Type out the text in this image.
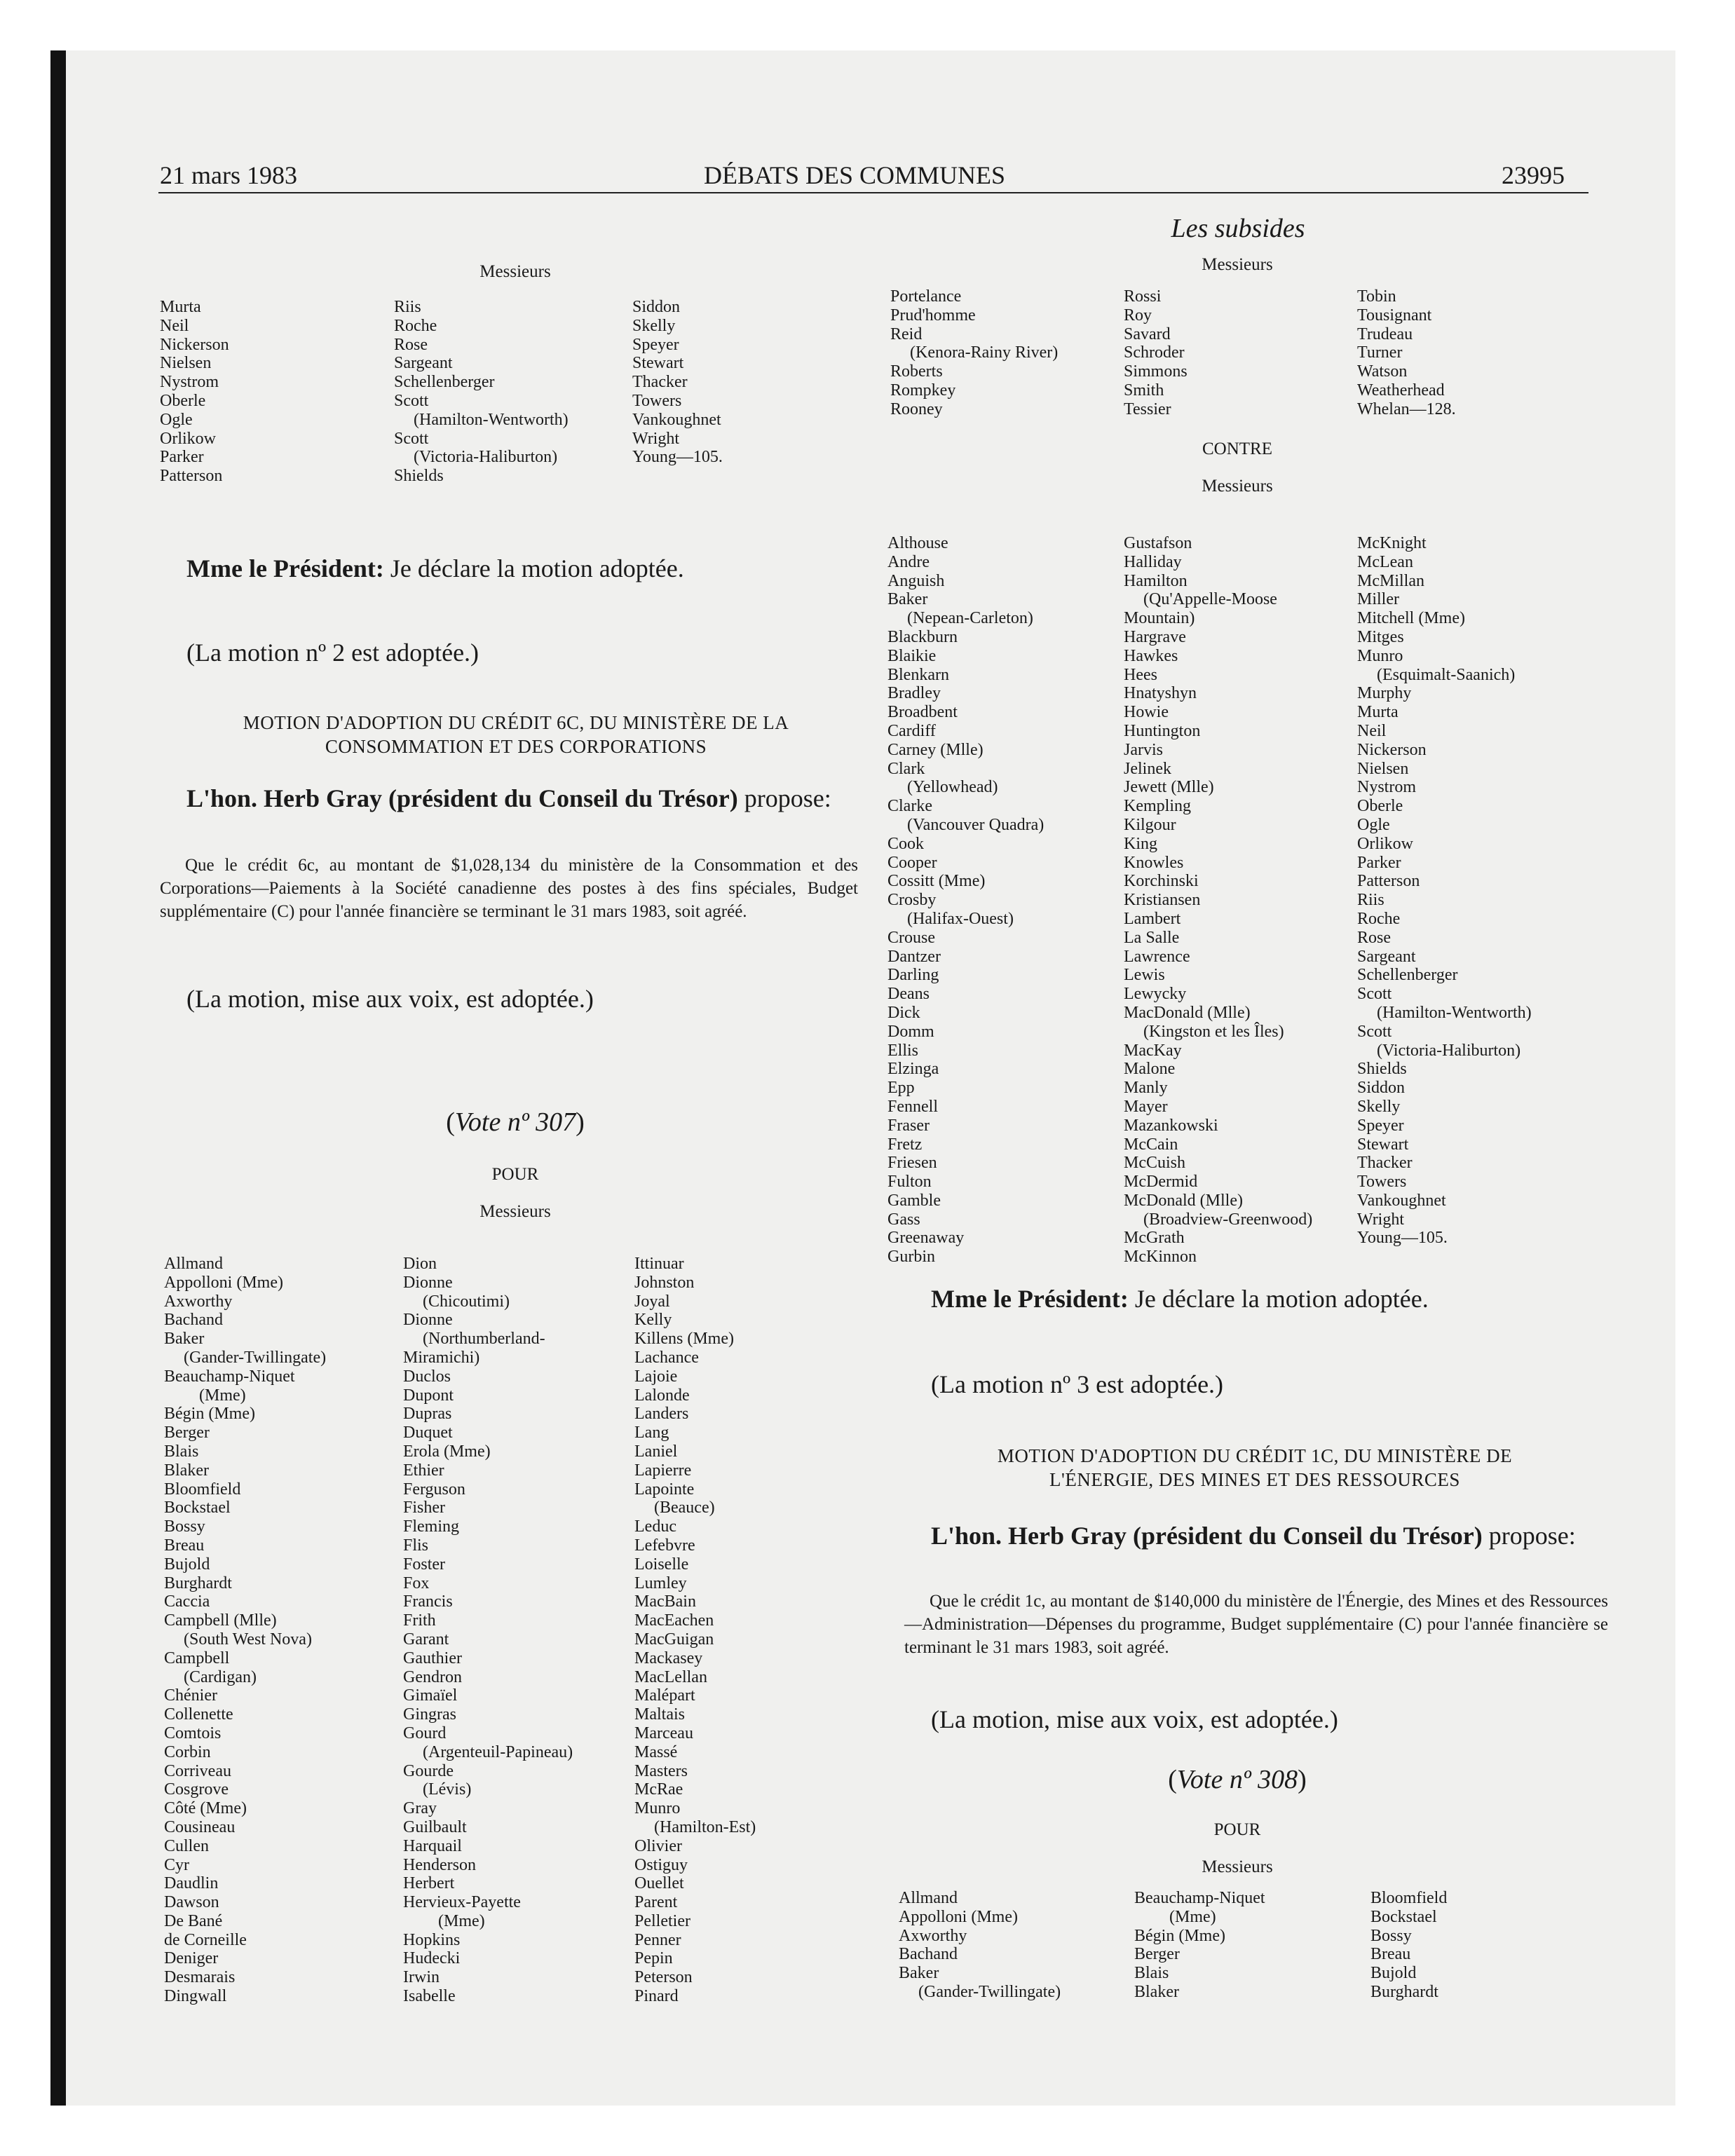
21 mars 1983	DÉBATS DES COMMUNES	23995
Messieurs
Murta
Neil
Nickerson
Nielsen
Nystrom
Oberle
Ogle
Orlikow
Parker
Patterson
Riis
Roche
Rose
Sargeant
Schellenberger
Scott
(Hamilton-Wentworth)
Scott
(Victoria-Haliburton)
Shields
Siddon
Skelly
Speyer
Stewart
Thacker
Towers
Vankoughnet
Wright
Young—105.
Mme le Président: Je déclare la motion adoptée.
(La motion nº 2 est adoptée.)
MOTION D'ADOPTION DU CRÉDIT 6C, DU MINISTÈRE DE LA
CONSOMMATION ET DES CORPORATIONS
L'hon. Herb Gray (président du Conseil du Trésor) propose:
Que le crédit 6c, au montant de $1,028,134 du ministère de la Consommation et des Corporations—Paiements à la Société canadienne des postes à des fins spéciales, Budget supplémentaire (C) pour l'année financière se terminant le 31 mars 1983, soit agréé.
(La motion, mise aux voix, est adoptée.)
(Vote nº 307)
POUR
Messieurs
Allmand
Appolloni (Mme)
Axworthy
Bachand
Baker
(Gander-Twillingate)
Beauchamp-Niquet
(Mme)
Bégin (Mme)
Berger
Blais
Blaker
Bloomfield
Bockstael
Bossy
Breau
Bujold
Burghardt
Caccia
Campbell (Mlle)
(South West Nova)
Campbell
(Cardigan)
Chénier
Collenette
Comtois
Corbin
Corriveau
Cosgrove
Côté (Mme)
Cousineau
Cullen
Cyr
Daudlin
Dawson
De Bané
de Corneille
Deniger
Desmarais
Dingwall
Dion
Dionne
(Chicoutimi)
Dionne
(Northumberland-
Miramichi)
Duclos
Dupont
Dupras
Duquet
Erola (Mme)
Ethier
Ferguson
Fisher
Fleming
Flis
Foster
Fox
Francis
Frith
Garant
Gauthier
Gendron
Gimaïel
Gingras
Gourd
(Argenteuil-Papineau)
Gourde
(Lévis)
Gray
Guilbault
Harquail
Henderson
Herbert
Hervieux-Payette
(Mme)
Hopkins
Hudecki
Irwin
Isabelle
Ittinuar
Johnston
Joyal
Kelly
Killens (Mme)
Lachance
Lajoie
Lalonde
Landers
Lang
Laniel
Lapierre
Lapointe
(Beauce)
Leduc
Lefebvre
Loiselle
Lumley
MacBain
MacEachen
MacGuigan
Mackasey
MacLellan
Malépart
Maltais
Marceau
Massé
Masters
McRae
Munro
(Hamilton-Est)
Olivier
Ostiguy
Ouellet
Parent
Pelletier
Penner
Pepin
Peterson
Pinard
Les subsides
Messieurs
Portelance
Prud'homme
Reid
(Kenora-Rainy River)
Roberts
Rompkey
Rooney
Rossi
Roy
Savard
Schroder
Simmons
Smith
Tessier
Tobin
Tousignant
Trudeau
Turner
Watson
Weatherhead
Whelan—128.
CONTRE
Messieurs
Althouse
Andre
Anguish
Baker
(Nepean-Carleton)
Blackburn
Blaikie
Blenkarn
Bradley
Broadbent
Cardiff
Carney (Mlle)
Clark
(Yellowhead)
Clarke
(Vancouver Quadra)
Cook
Cooper
Cossitt (Mme)
Crosby
(Halifax-Ouest)
Crouse
Dantzer
Darling
Deans
Dick
Domm
Ellis
Elzinga
Epp
Fennell
Fraser
Fretz
Friesen
Fulton
Gamble
Gass
Greenaway
Gurbin
Gustafson
Halliday
Hamilton
(Qu'Appelle-Moose
Mountain)
Hargrave
Hawkes
Hees
Hnatyshyn
Howie
Huntington
Jarvis
Jelinek
Jewett (Mlle)
Kempling
Kilgour
King
Knowles
Korchinski
Kristiansen
Lambert
La Salle
Lawrence
Lewis
Lewycky
MacDonald (Mlle)
(Kingston et les Îles)
MacKay
Malone
Manly
Mayer
Mazankowski
McCain
McCuish
McDermid
McDonald (Mlle)
(Broadview-Greenwood)
McGrath
McKinnon
McKnight
McLean
McMillan
Miller
Mitchell (Mme)
Mitges
Munro
(Esquimalt-Saanich)
Murphy
Murta
Neil
Nickerson
Nielsen
Nystrom
Oberle
Ogle
Orlikow
Parker
Patterson
Riis
Roche
Rose
Sargeant
Schellenberger
Scott
(Hamilton-Wentworth)
Scott
(Victoria-Haliburton)
Shields
Siddon
Skelly
Speyer
Stewart
Thacker
Towers
Vankoughnet
Wright
Young—105.
Mme le Président: Je déclare la motion adoptée.
(La motion nº 3 est adoptée.)
MOTION D'ADOPTION DU CRÉDIT 1C, DU MINISTÈRE DE
L'ÉNERGIE, DES MINES ET DES RESSOURCES
L'hon. Herb Gray (président du Conseil du Trésor) propose:
Que le crédit 1c, au montant de $140,000 du ministère de l'Énergie, des Mines et des Ressources—Administration—Dépenses du programme, Budget supplémentaire (C) pour l'année financière se terminant le 31 mars 1983, soit agréé.
(La motion, mise aux voix, est adoptée.)
(Vote nº 308)
POUR
Messieurs
Allmand
Appolloni (Mme)
Axworthy
Bachand
Baker
(Gander-Twillingate)
Beauchamp-Niquet
(Mme)
Bégin (Mme)
Berger
Blais
Blaker
Bloomfield
Bockstael
Bossy
Breau
Bujold
Burghardt
